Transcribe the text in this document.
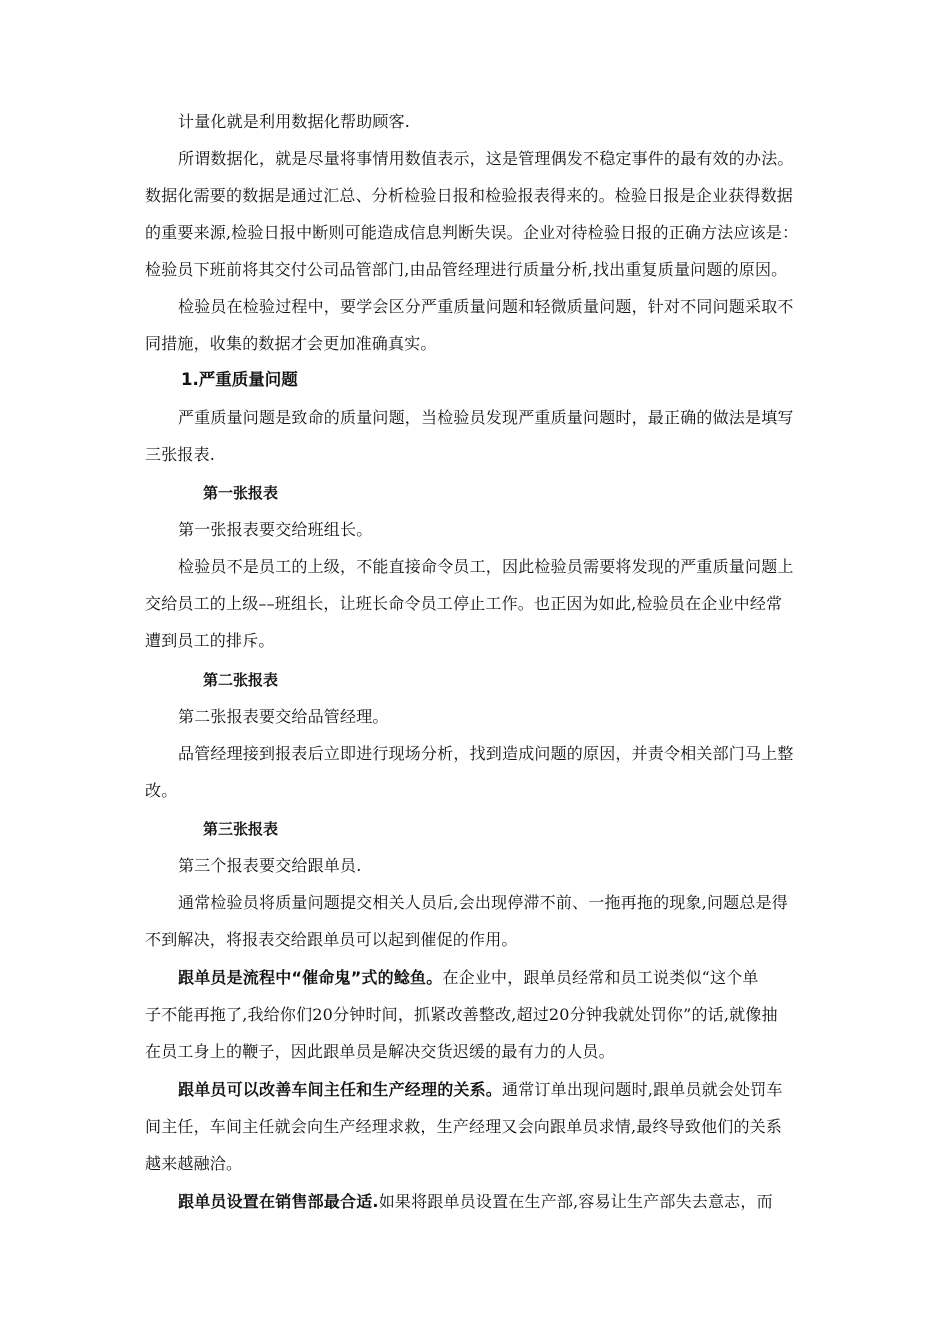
计量化就是利用数据化帮助顾客.
所谓数据化，就是尽量将事情用数值表示，这是管理偶发不稳定事件的最有效的办法。
数据化需要的数据是通过汇总、分析检验日报和检验报表得来的。检验日报是企业获得数据
的重要来源,检验日报中断则可能造成信息判断失误。企业对待检验日报的正确方法应该是：
检验员下班前将其交付公司品管部门,由品管经理进行质量分析,找出重复质量问题的原因。
检验员在检验过程中，要学会区分严重质量问题和轻微质量问题，针对不同问题采取不
同措施，收集的数据才会更加准确真实。
1.严重质量问题
严重质量问题是致命的质量问题，当检验员发现严重质量问题时，最正确的做法是填写
三张报表.
第一张报表
第一张报表要交给班组长。
检验员不是员工的上级，不能直接命令员工，因此检验员需要将发现的严重质量问题上
交给员工的上级––班组长，让班长命令员工停止工作。也正因为如此,检验员在企业中经常
遭到员工的排斥。
第二张报表
第二张报表要交给品管经理。
品管经理接到报表后立即进行现场分析，找到造成问题的原因，并责令相关部门马上整
改。
第三张报表
第三个报表要交给跟单员.
通常检验员将质量问题提交相关人员后,会出现停滞不前、一拖再拖的现象,问题总是得
不到解决，将报表交给跟单员可以起到催促的作用。
跟单员是流程中“催命鬼”式的鲶鱼。在企业中，跟单员经常和员工说类似“这个单
子不能再拖了,我给你们20分钟时间，抓紧改善整改,超过20分钟我就处罚你”的话,就像抽
在员工身上的鞭子，因此跟单员是解决交货迟缓的最有力的人员。
跟单员可以改善车间主任和生产经理的关系。通常订单出现问题时,跟单员就会处罚车
间主任，车间主任就会向生产经理求救，生产经理又会向跟单员求情,最终导致他们的关系
越来越融洽。
跟单员设置在销售部最合适.如果将跟单员设置在生产部,容易让生产部失去意志，而
